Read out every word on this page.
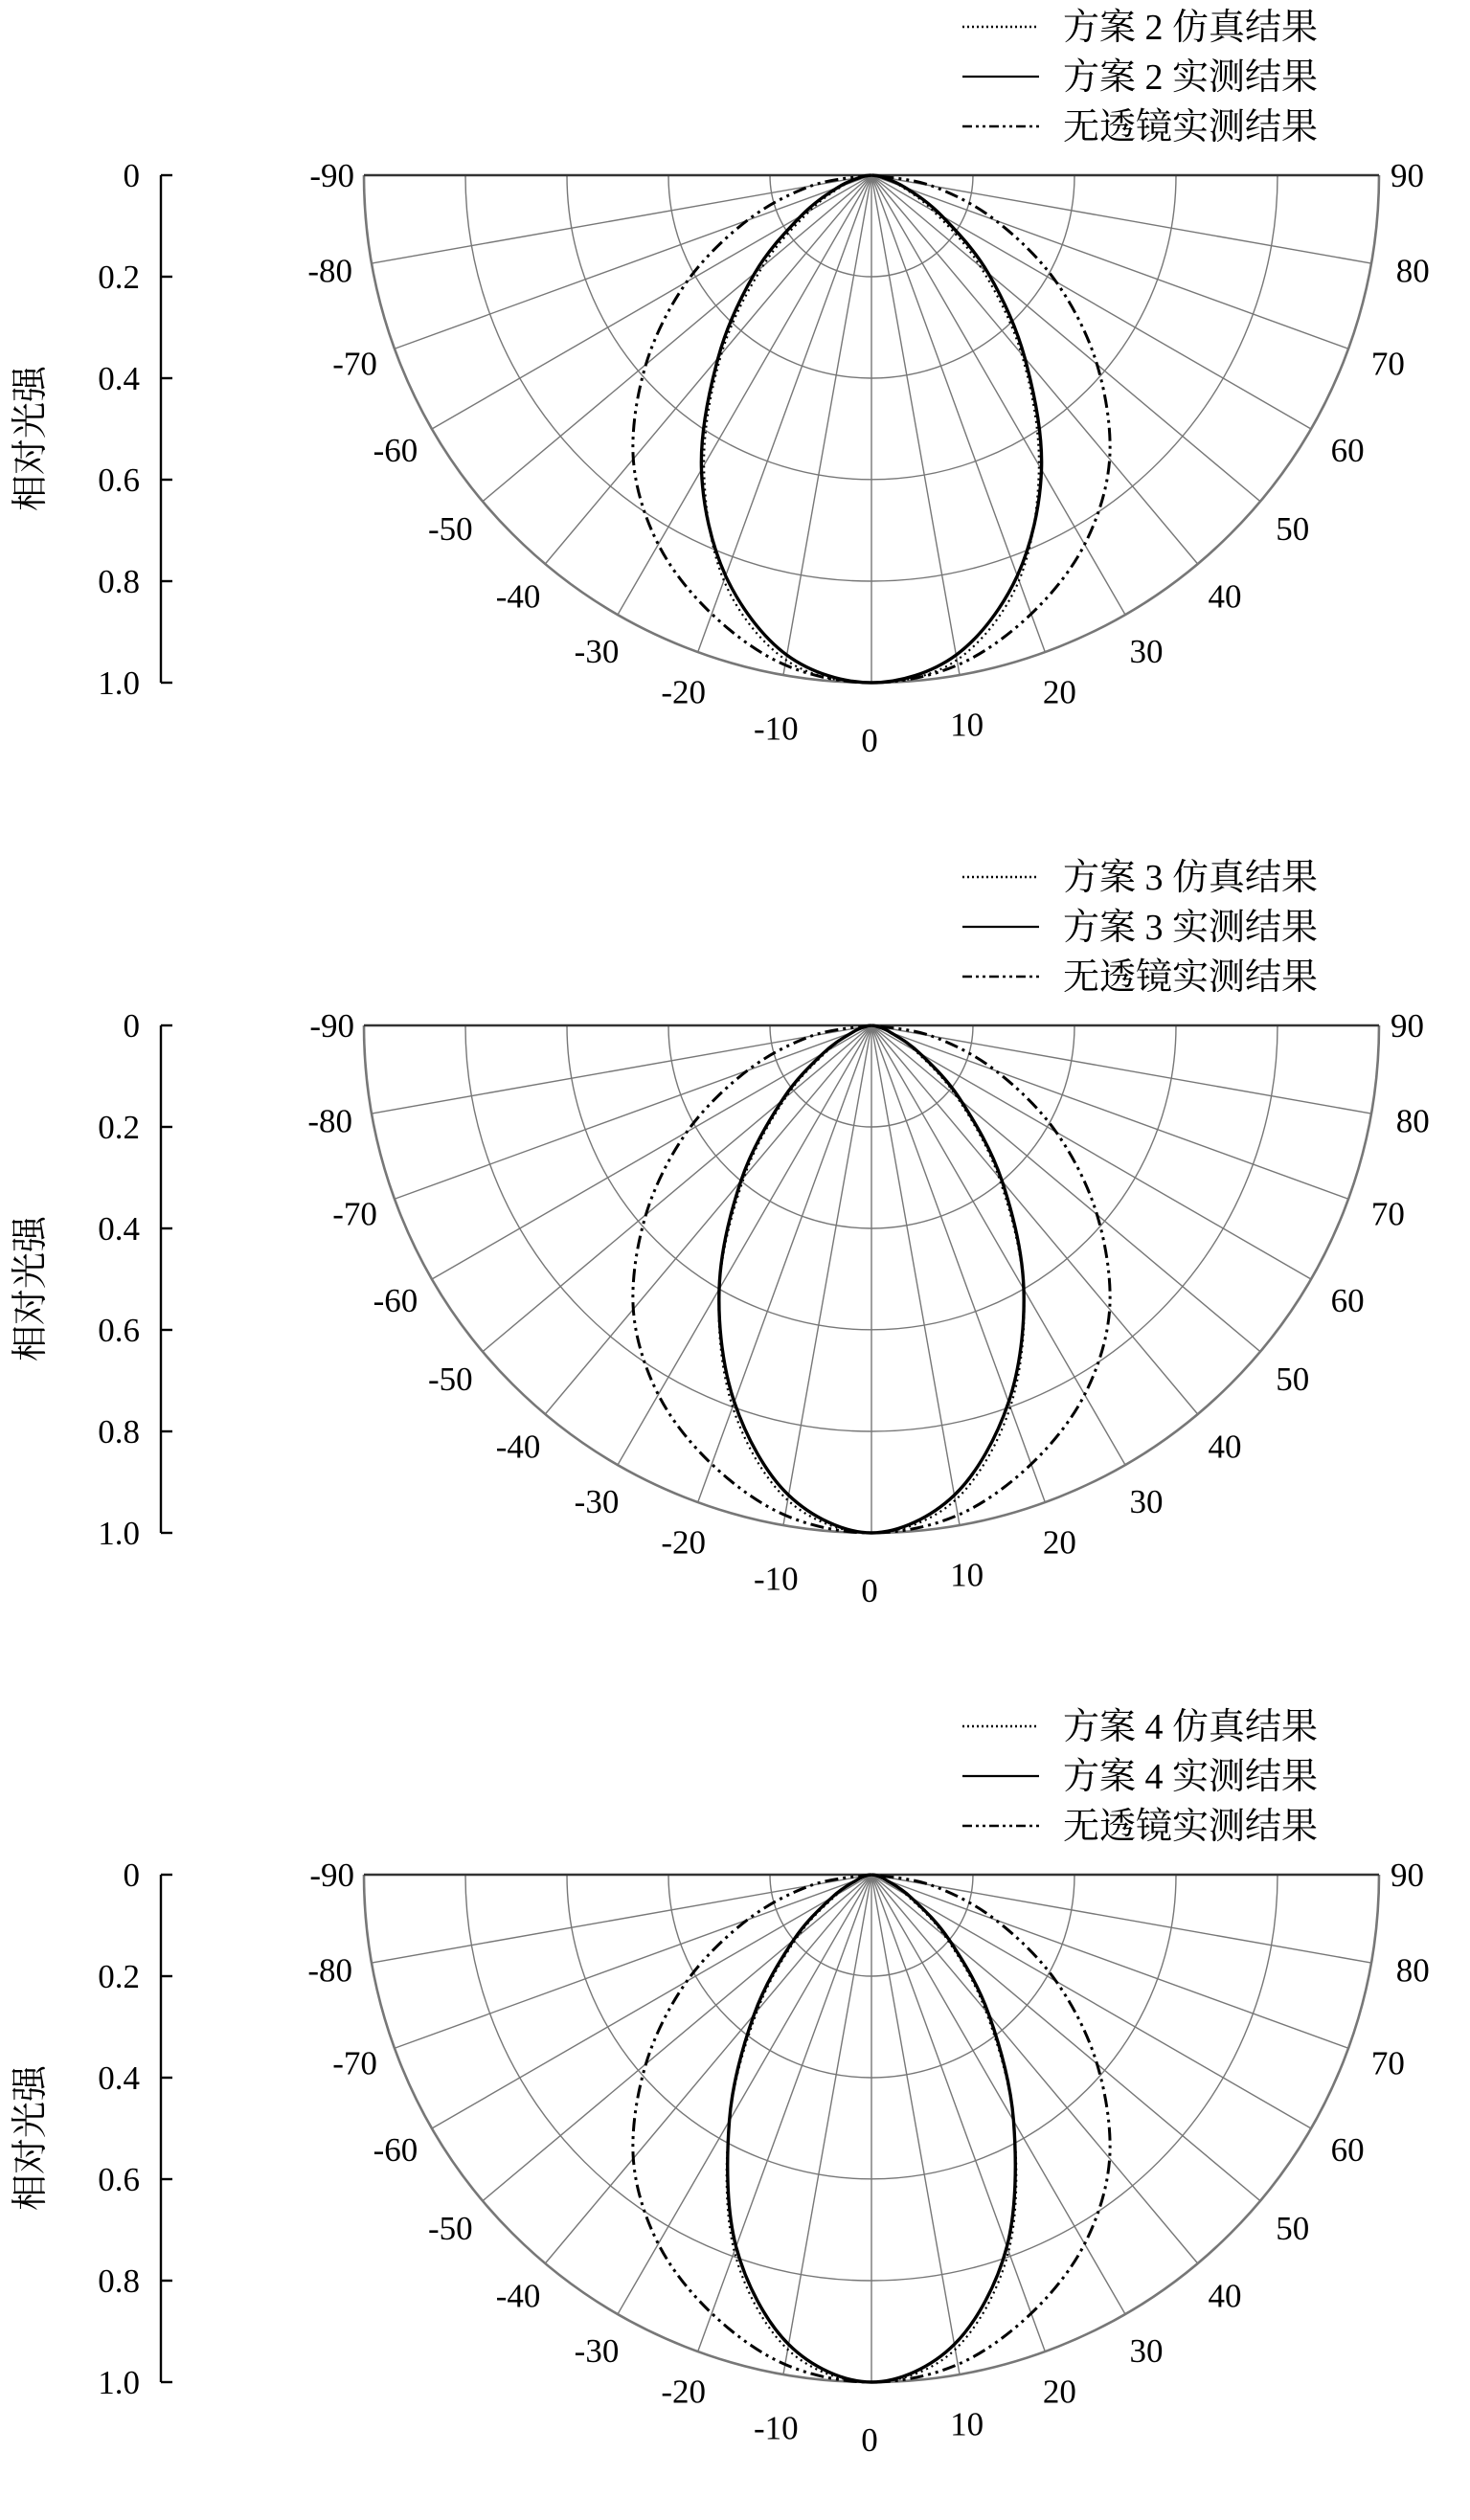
-90
-80
-70
-60
-50
-40
-30
-20
-10 0
90
80
70
60
50
40
30
20
10
0
0.2
0.4
0.6
0.8
1.0
相对光强
方案 2 仿真结果
方案 2 实测结果
无透镜实测结果
-90
-80
-70
-60
-50
-40
-30
-20
-10 0
90
80
70
60
50
40
30
20
10
0
0.2
0.4
0.6
0.8
1.0
相对光强
方案 3 仿真结果
方案 3 实测结果
无透镜实测结果
-90
-80
-70
-60
-50
-40
-30
-20
-10 0
90
80
70
60
50
40
30
20
10
0
0.2
0.4
0.6
0.8
1.0
相对光强
方案 4 仿真结果
方案 4 实测结果
无透镜实测结果
